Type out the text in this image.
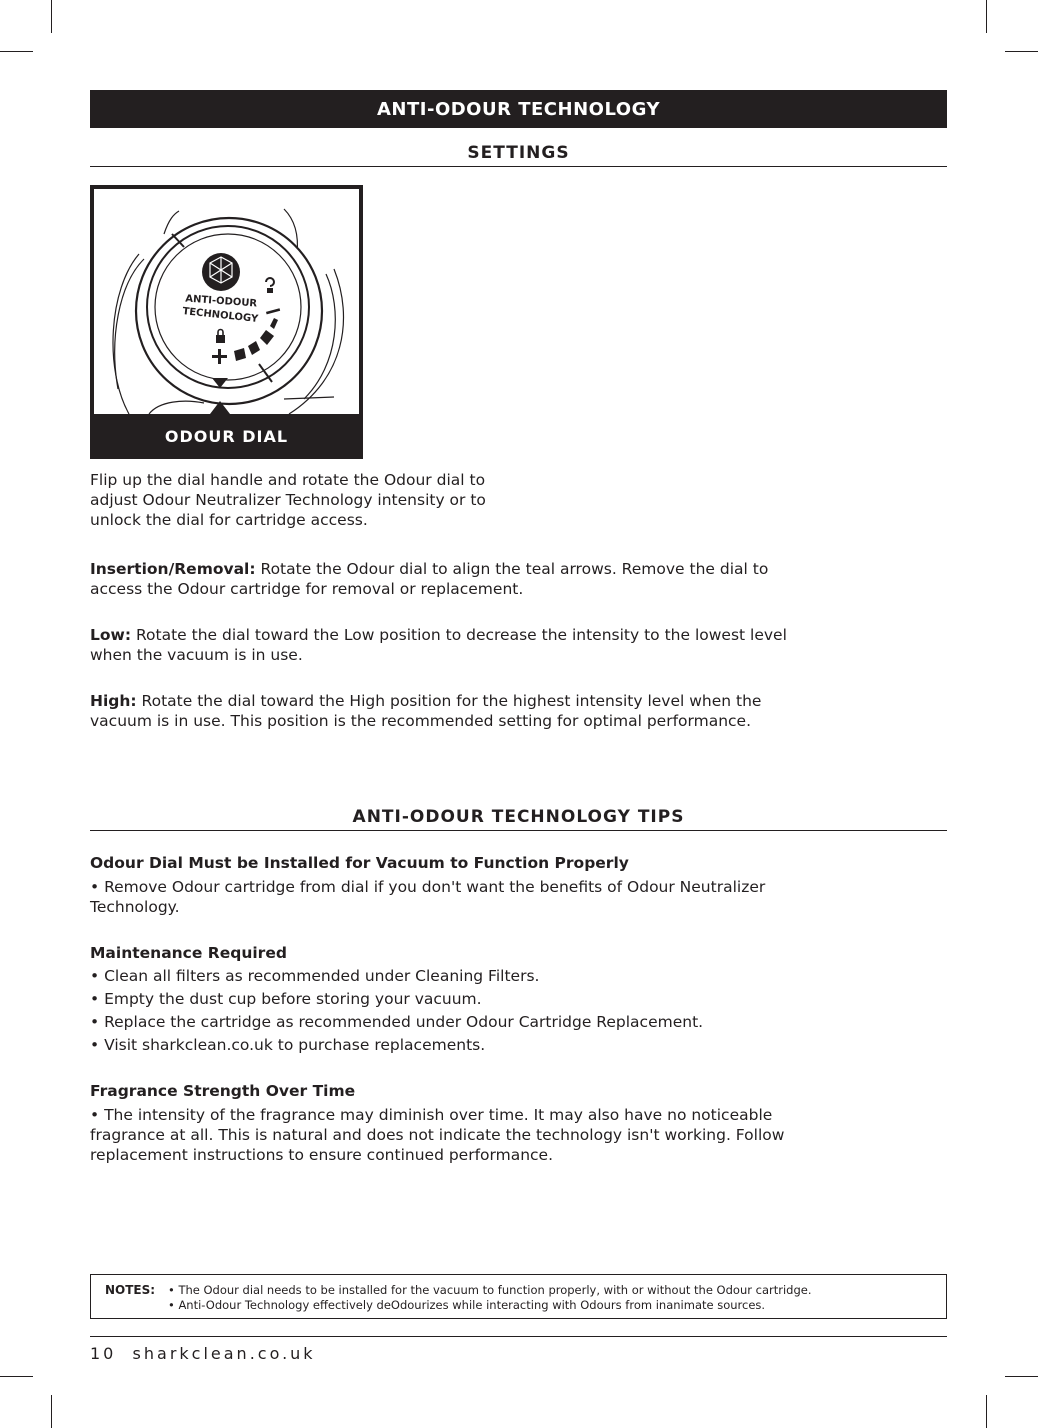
ANTI-ODOUR TECHNOLOGY
SETTINGS
ANTI-ODOUR
TECHNOLOGY
ODOUR DIAL
Flip up the dial handle and rotate the Odour dial to
adjust Odour Neutralizer Technology intensity or to
unlock the dial for cartridge access.
Insertion/Removal: Rotate the Odour dial to align the teal arrows. Remove the dial to
access the Odour cartridge for removal or replacement.
Low: Rotate the dial toward the Low position to decrease the intensity to the lowest level
when the vacuum is in use.
High: Rotate the dial toward the High position for the highest intensity level when the
vacuum is in use. This position is the recommended setting for optimal performance.
ANTI-ODOUR TECHNOLOGY TIPS
Odour Dial Must be Installed for Vacuum to Function Properly
• Remove Odour cartridge from dial if you don't want the benefits of Odour Neutralizer
Technology.
Maintenance Required
• Clean all filters as recommended under Cleaning Filters.
• Empty the dust cup before storing your vacuum.
• Replace the cartridge as recommended under Odour Cartridge Replacement.
• Visit sharkclean.co.uk to purchase replacements.
Fragrance Strength Over Time
• The intensity of the fragrance may diminish over time. It may also have no noticeable
fragrance at all. This is natural and does not indicate the technology isn't working. Follow
replacement instructions to ensure continued performance.
NOTES: • The Odour dial needs to be installed for the vacuum to function properly, with or without the Odour cartridge.
• Anti-Odour Technology effectively deOdourizes while interacting with Odours from inanimate sources.
10 sharkclean.co.uk
